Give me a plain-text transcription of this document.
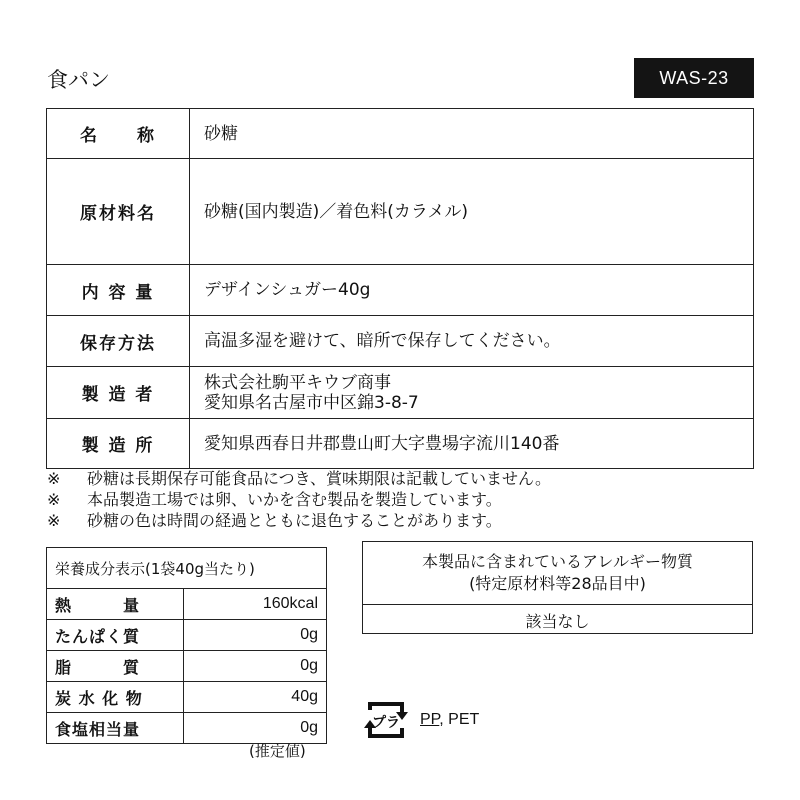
食パン	WAS-23
名　　称	砂糖

原材料名	砂糖(国内製造)／着色料(カラメル)

内 容 量	デザインシュガー40g

保存方法	高温多湿を避けて、暗所で保存してください。

製 造 者	株式会社駒平キウブ商事
愛知県名古屋市中区錦3-8-7

製 造 所	愛知県西春日井郡豊山町大字豊場字流川140番
※	砂糖は長期保存可能食品につき、賞味期限は記載していません。
※	本品製造工場では卵、いかを含む製品を製造しています。
※	砂糖の色は時間の経過とともに退色することがあります。
栄養成分表示(1袋40g当たり)	
熱　　　量	160kcal
たんぱく質	0g
脂　　　質	0g
炭 水 化 物	40g
食塩相当量	0g
(推定値)
本製品に含まれているアレルギー物質
(特定原材料等28品目中)
該当なし
プラ PP, PET
